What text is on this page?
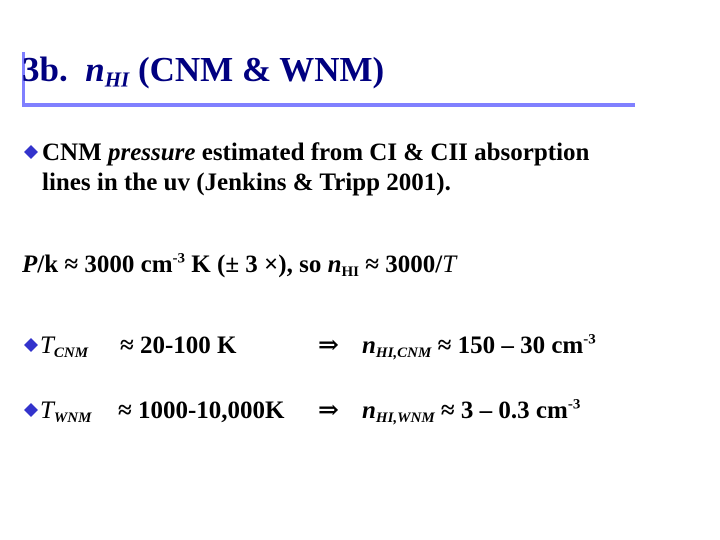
3b. $n_{HI}$ (CNM & WNM)
CNM pressure estimated from CI & CII absorption
lines in the uv (Jenkins & Tripp 2001).
P/k ≈ 3000 $cm^{-3}$ K (± 3 ×), so $n_{HI} \approx 3000/T$
$T_{CNM} \approx 20-100$ K	⇒ $n_{HI,CNM} \approx 150 - 30$ $cm^{-3}$
$T_{WNM} \approx 1000-10,000K$ ⇒ $n_{HI,WNM} \approx 3 - 0.3$ $cm^{-3}$
